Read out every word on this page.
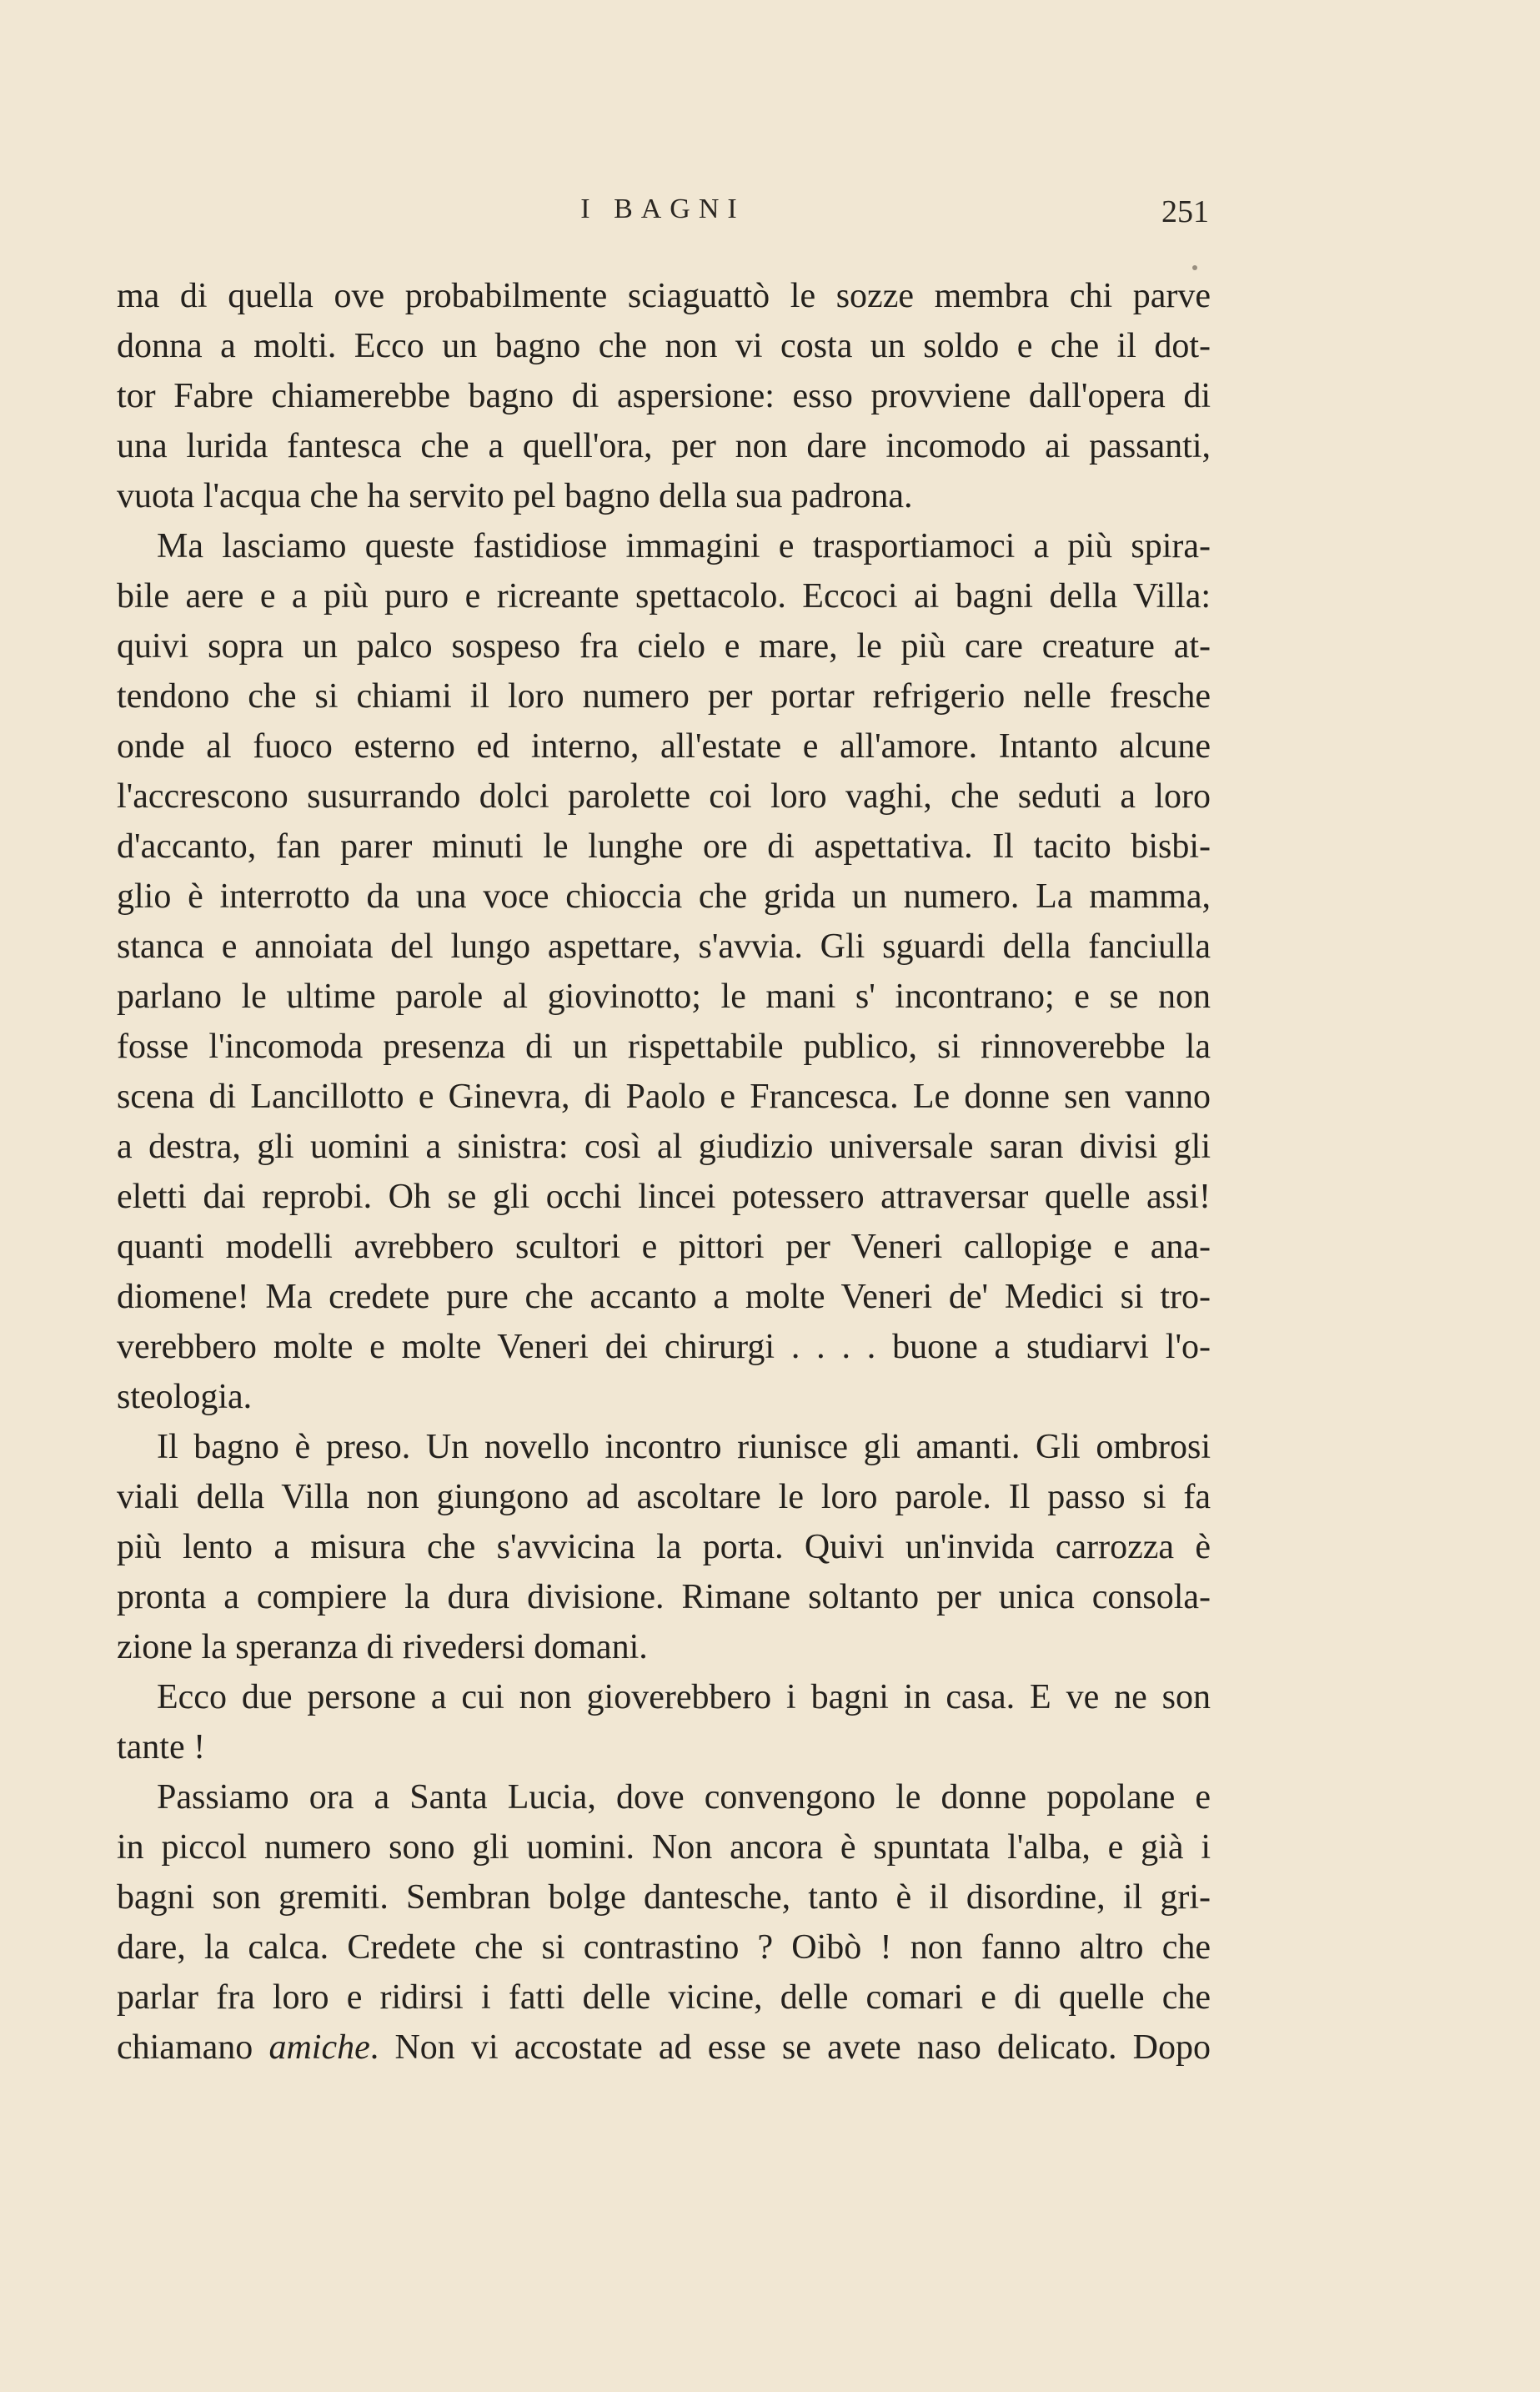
I BAGNI	251
ma di quella ove probabilmente sciaguattò le sozze membra chi parve
donna a molti. Ecco un bagno che non vi costa un soldo e che il dot-
tor Fabre chiamerebbe bagno di aspersione: esso provviene dall'opera di
una lurida fantesca che a quell'ora, per non dare incomodo ai passanti,
vuota l'acqua che ha servito pel bagno della sua padrona.
Ma lasciamo queste fastidiose immagini e trasportiamoci a più spira-
bile aere e a più puro e ricreante spettacolo. Eccoci ai bagni della Villa:
quivi sopra un palco sospeso fra cielo e mare, le più care creature at-
tendono che si chiami il loro numero per portar refrigerio nelle fresche
onde al fuoco esterno ed interno, all'estate e all'amore. Intanto alcune
l'accrescono susurrando dolci parolette coi loro vaghi, che seduti a loro
d'accanto, fan parer minuti le lunghe ore di aspettativa. Il tacito bisbi-
glio è interrotto da una voce chioccia che grida un numero. La mamma,
stanca e annoiata del lungo aspettare, s'avvia. Gli sguardi della fanciulla
parlano le ultime parole al giovinotto; le mani s' incontrano; e se non
fosse l'incomoda presenza di un rispettabile publico, si rinnoverebbe la
scena di Lancillotto e Ginevra, di Paolo e Francesca. Le donne sen vanno
a destra, gli uomini a sinistra: così al giudizio universale saran divisi gli
eletti dai reprobi. Oh se gli occhi lincei potessero attraversar quelle assi!
quanti modelli avrebbero scultori e pittori per Veneri callopige e ana-
diomene! Ma credete pure che accanto a molte Veneri de' Medici si tro-
verebbero molte e molte Veneri dei chirurgi . . . . buone a studiarvi l'o-
steologia.
Il bagno è preso. Un novello incontro riunisce gli amanti. Gli ombrosi
viali della Villa non giungono ad ascoltare le loro parole. Il passo si fa
più lento a misura che s'avvicina la porta. Quivi un'invida carrozza è
pronta a compiere la dura divisione. Rimane soltanto per unica consola-
zione la speranza di rivedersi domani.
Ecco due persone a cui non gioverebbero i bagni in casa. E ve ne son
tante !
Passiamo ora a Santa Lucia, dove convengono le donne popolane e
in piccol numero sono gli uomini. Non ancora è spuntata l'alba, e già i
bagni son gremiti. Sembran bolge dantesche, tanto è il disordine, il gri-
dare, la calca. Credete che si contrastino ? Oibò ! non fanno altro che
parlar fra loro e ridirsi i fatti delle vicine, delle comari e di quelle che
chiamano amiche. Non vi accostate ad esse se avete naso delicato. Dopo
